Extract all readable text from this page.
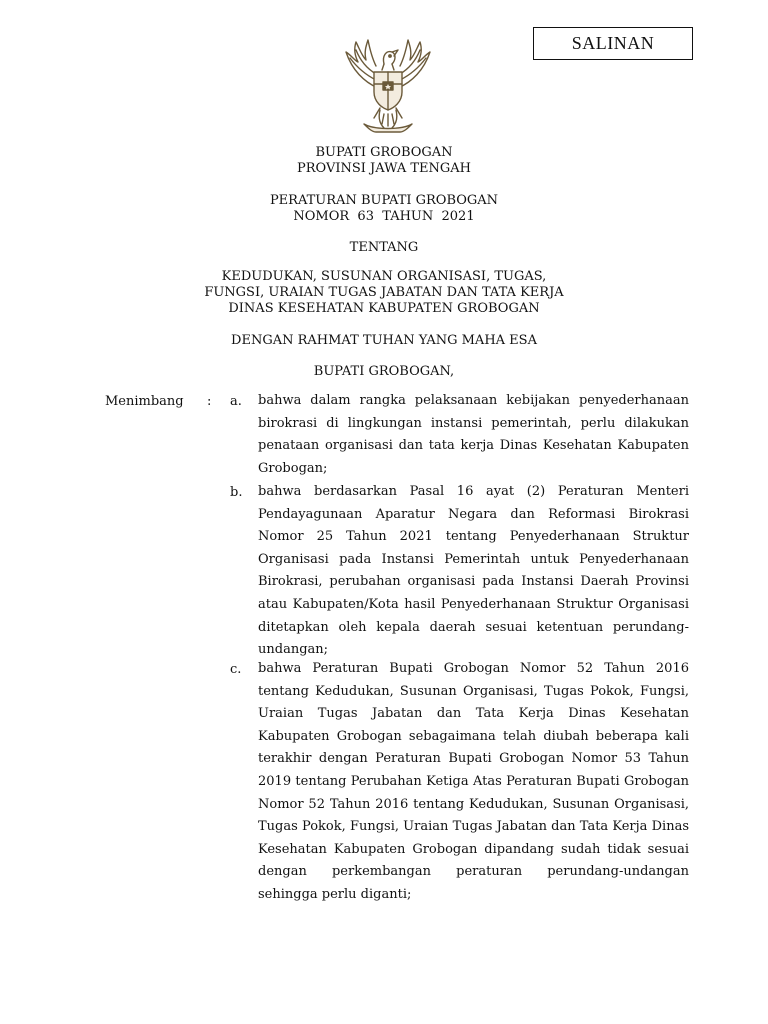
SALINAN
BUPATI GROBOGAN
PROVINSI JAWA TENGAH
PERATURAN BUPATI GROBOGAN
NOMOR  63  TAHUN  2021
TENTANG
KEDUDUKAN, SUSUNAN ORGANISASI, TUGAS,
FUNGSI, URAIAN TUGAS JABATAN DAN TATA KERJA
DINAS KESEHATAN KABUPATEN GROBOGAN
DENGAN RAHMAT TUHAN YANG MAHA ESA
BUPATI GROBOGAN,
Menimbang : a. bahwa dalam rangka pelaksanaan kebijakan penyederhanaan birokrasi di lingkungan instansi pemerintah, perlu dilakukan penataan organisasi dan tata kerja Dinas Kesehatan Kabupaten Grobogan;
b. bahwa berdasarkan Pasal 16 ayat (2) Peraturan Menteri Pendayagunaan Aparatur Negara dan Reformasi Birokrasi Nomor 25 Tahun 2021 tentang Penyederhanaan Struktur Organisasi pada Instansi Pemerintah untuk Penyederhanaan Birokrasi, perubahan organisasi pada Instansi Daerah Provinsi atau Kabupaten/Kota hasil Penyederhanaan Struktur Organisasi ditetapkan oleh kepala daerah sesuai ketentuan perundang-undangan;
c. bahwa Peraturan Bupati Grobogan Nomor 52 Tahun 2016 tentang Kedudukan, Susunan Organisasi, Tugas Pokok, Fungsi, Uraian Tugas Jabatan dan Tata Kerja Dinas Kesehatan Kabupaten Grobogan sebagaimana telah diubah beberapa kali terakhir dengan Peraturan Bupati Grobogan Nomor 53 Tahun 2019 tentang Perubahan Ketiga Atas Peraturan Bupati Grobogan Nomor 52 Tahun 2016 tentang Kedudukan, Susunan Organisasi, Tugas Pokok, Fungsi, Uraian Tugas Jabatan dan Tata Kerja Dinas Kesehatan Kabupaten Grobogan dipandang sudah tidak sesuai dengan perkembangan peraturan perundang-undangan sehingga perlu diganti;
